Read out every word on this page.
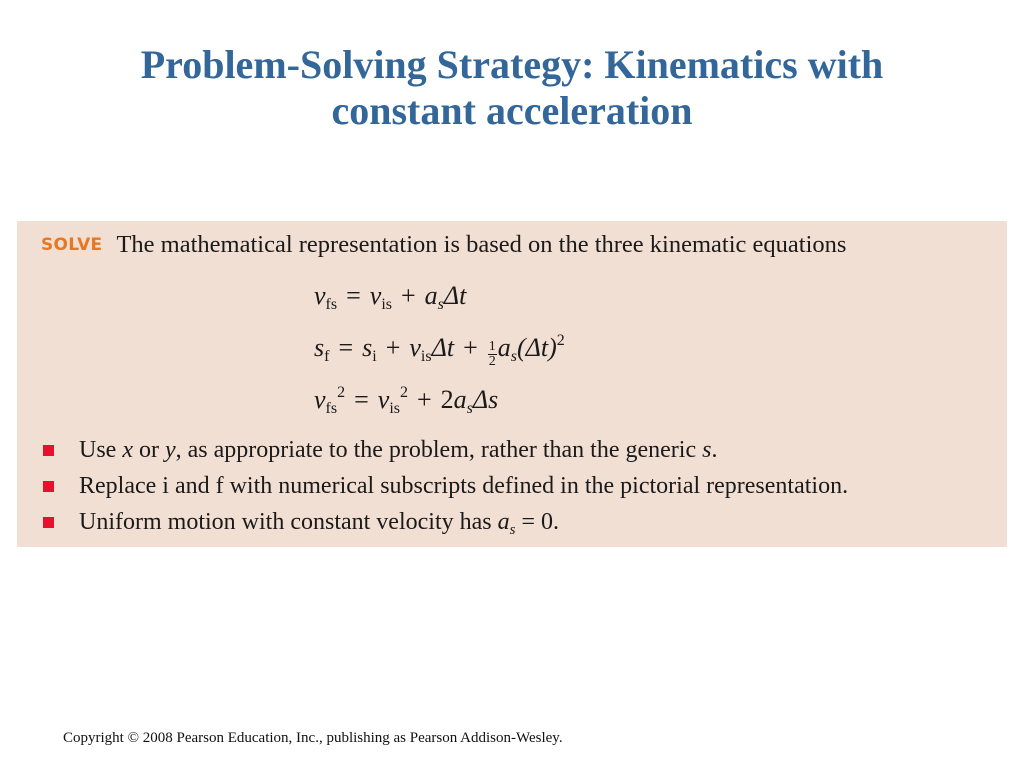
Problem-Solving Strategy: Kinematics with
constant acceleration
SOLVE The mathematical representation is based on the three kinematic equations
$v_{fs} = v_{is} + a_s\Delta t$
$s_f = s_i + v_{is}\Delta t + \frac{1}{2} a_s(\Delta t)^2$
$v_{fs}^2 = v_{is}^2 + 2a_s\Delta s$
Use x or y, as appropriate to the problem, rather than the generic s.
Replace i and f with numerical subscripts defined in the pictorial representation.
Uniform motion with constant velocity has $a_s = 0$.
Copyright © 2008 Pearson Education, Inc., publishing as Pearson Addison-Wesley.
